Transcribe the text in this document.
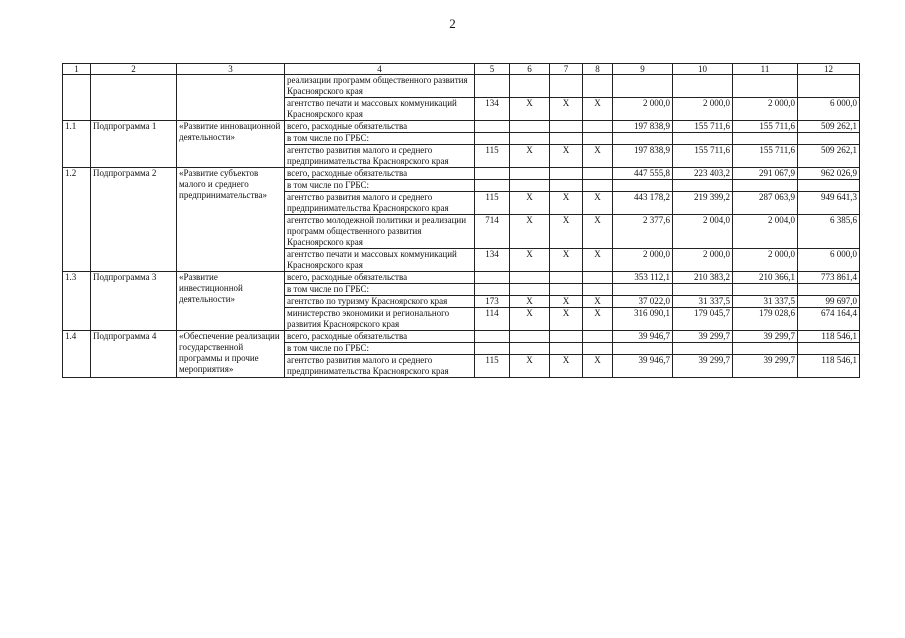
2
1	2	3	4	5	6	7	8	9	10	11	12
			реализации программ общественного развития Красноярского края								
			агентство печати и массовых коммуникаций Красноярского края	134	Х	Х	Х	2 000,0	2 000,0	2 000,0	6 000,0
1.1	Подпрограмма 1	«Развитие инновационной деятельности»	всего, расходные обязательства					197 838,9	155 711,6	155 711,6	509 262,1
			в том числе по ГРБС:								
			агентство развития малого и среднего предпринимательства Красноярского края	115	Х	Х	Х	197 838,9	155 711,6	155 711,6	509 262,1
1.2	Подпрограмма 2	«Развитие субъектов малого и среднего предпринимательства»	всего, расходные обязательства					447 555,8	223 403,2	291 067,9	962 026,9
			в том числе по ГРБС:								
			агентство развития малого и среднего предпринимательства Красноярского края	115	Х	Х	Х	443 178,2	219 399,2	287 063,9	949 641,3
			агентство молодежной политики и реализации программ общественного развития Красноярского края	714	Х	Х	Х	2 377,6	2 004,0	2 004,0	6 385,6
			агентство печати и массовых коммуникаций Красноярского края	134	Х	Х	Х	2 000,0	2 000,0	2 000,0	6 000,0
1.3	Подпрограмма 3	«Развитие инвестиционной деятельности»	всего, расходные обязательства					353 112,1	210 383,2	210 366,1	773 861,4
			в том числе по ГРБС:								
			агентство по туризму Красноярского края	173	Х	Х	Х	37 022,0	31 337,5	31 337,5	99 697,0
			министерство экономики и регионального развития Красноярского края	114	Х	Х	Х	316 090,1	179 045,7	179 028,6	674 164,4
1.4	Подпрограмма 4	«Обеспечение реализации государственной программы и прочие мероприятия»	всего, расходные обязательства					39 946,7	39 299,7	39 299,7	118 546,1
			в том числе по ГРБС:								
			агентство развития малого и среднего предпринимательства Красноярского края	115	Х	Х	Х	39 946,7	39 299,7	39 299,7	118 546,1
